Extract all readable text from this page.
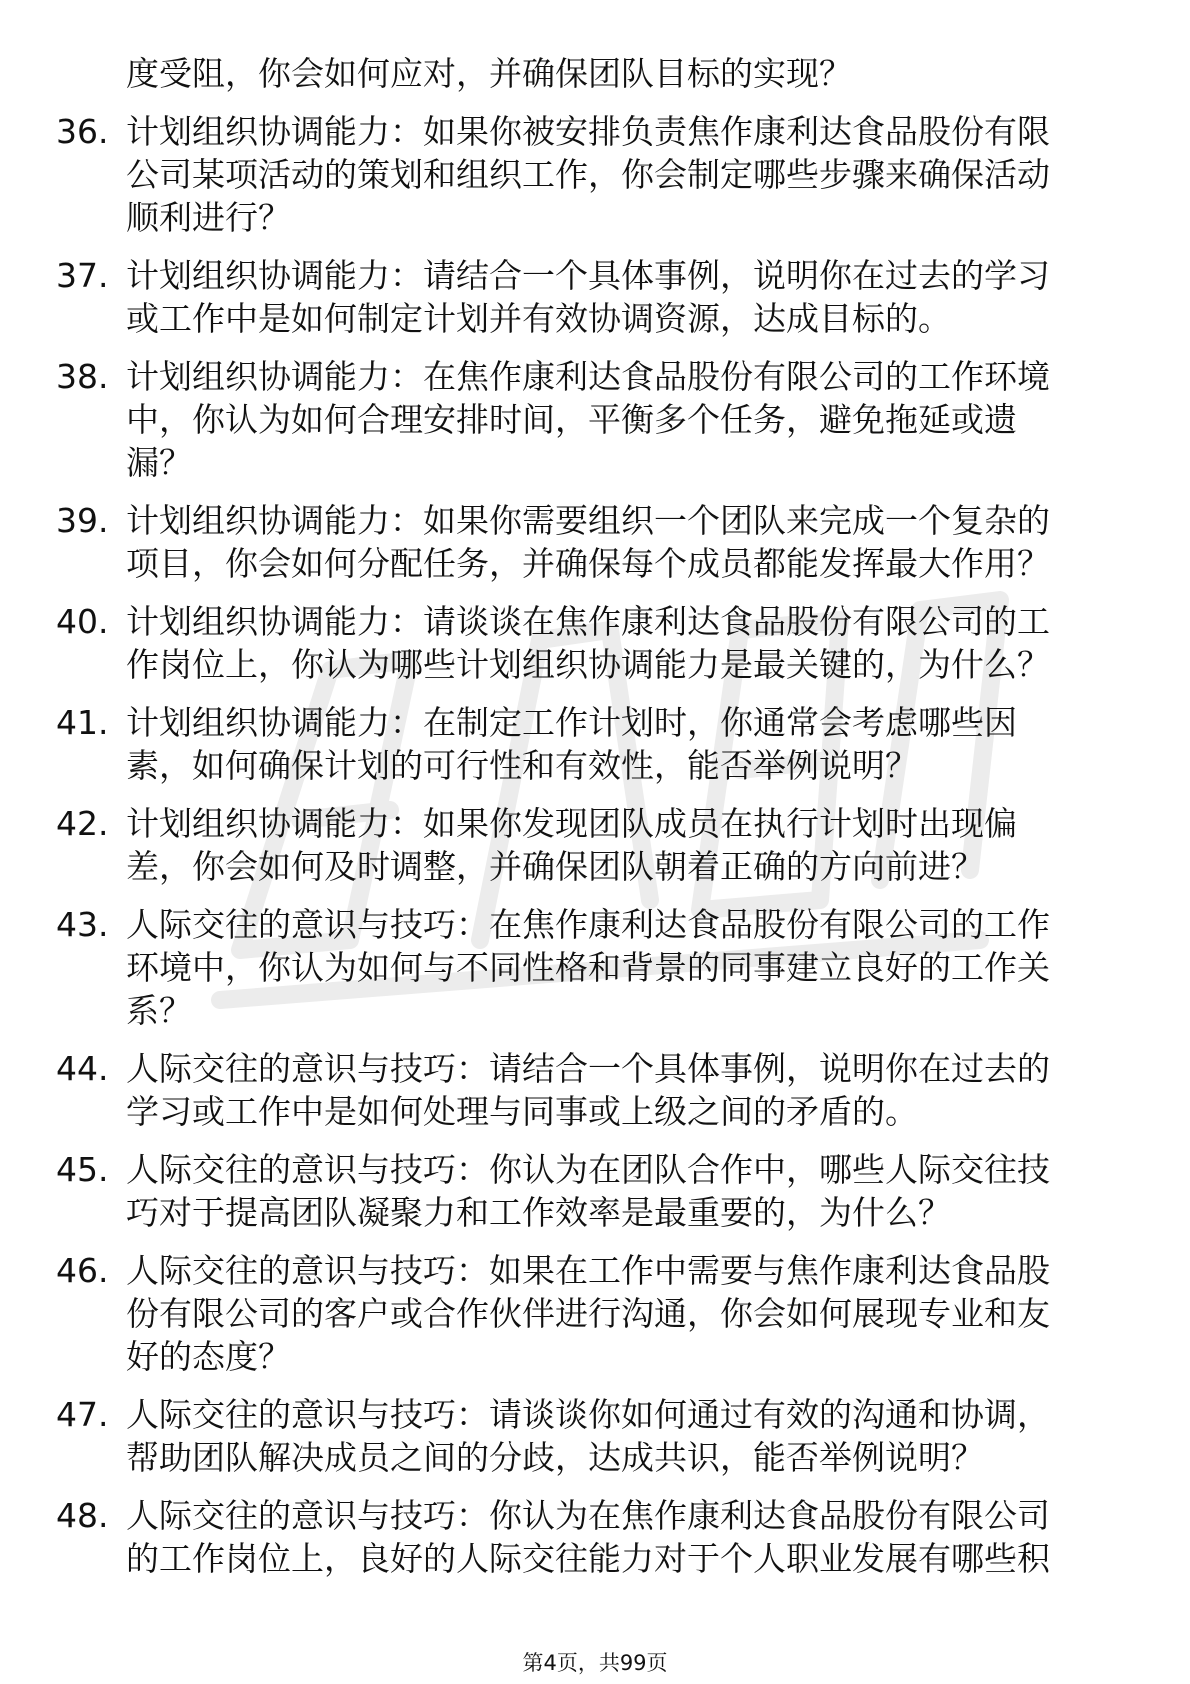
度受阻，你会如何应对，并确保团队目标的实现？
36. 计划组织协调能力：如果你被安排负责焦作康利达食品股份有限
公司某项活动的策划和组织工作，你会制定哪些步骤来确保活动
顺利进行？
37. 计划组织协调能力：请结合一个具体事例，说明你在过去的学习
或工作中是如何制定计划并有效协调资源，达成目标的。
38. 计划组织协调能力：在焦作康利达食品股份有限公司的工作环境
中，你认为如何合理安排时间，平衡多个任务，避免拖延或遗
漏？
39. 计划组织协调能力：如果你需要组织一个团队来完成一个复杂的
项目，你会如何分配任务，并确保每个成员都能发挥最大作用？
40. 计划组织协调能力：请谈谈在焦作康利达食品股份有限公司的工
作岗位上，你认为哪些计划组织协调能力是最关键的，为什么？
41. 计划组织协调能力：在制定工作计划时，你通常会考虑哪些因
素，如何确保计划的可行性和有效性，能否举例说明？
42. 计划组织协调能力：如果你发现团队成员在执行计划时出现偏
差，你会如何及时调整，并确保团队朝着正确的方向前进？
43. 人际交往的意识与技巧：在焦作康利达食品股份有限公司的工作
环境中，你认为如何与不同性格和背景的同事建立良好的工作关
系？
44. 人际交往的意识与技巧：请结合一个具体事例，说明你在过去的
学习或工作中是如何处理与同事或上级之间的矛盾的。
45. 人际交往的意识与技巧：你认为在团队合作中，哪些人际交往技
巧对于提高团队凝聚力和工作效率是最重要的，为什么？
46. 人际交往的意识与技巧：如果在工作中需要与焦作康利达食品股
份有限公司的客户或合作伙伴进行沟通，你会如何展现专业和友
好的态度？
47. 人际交往的意识与技巧：请谈谈你如何通过有效的沟通和协调，
帮助团队解决成员之间的分歧，达成共识，能否举例说明？
48. 人际交往的意识与技巧：你认为在焦作康利达食品股份有限公司
的工作岗位上，良好的人际交往能力对于个人职业发展有哪些积
第4页，共99页
